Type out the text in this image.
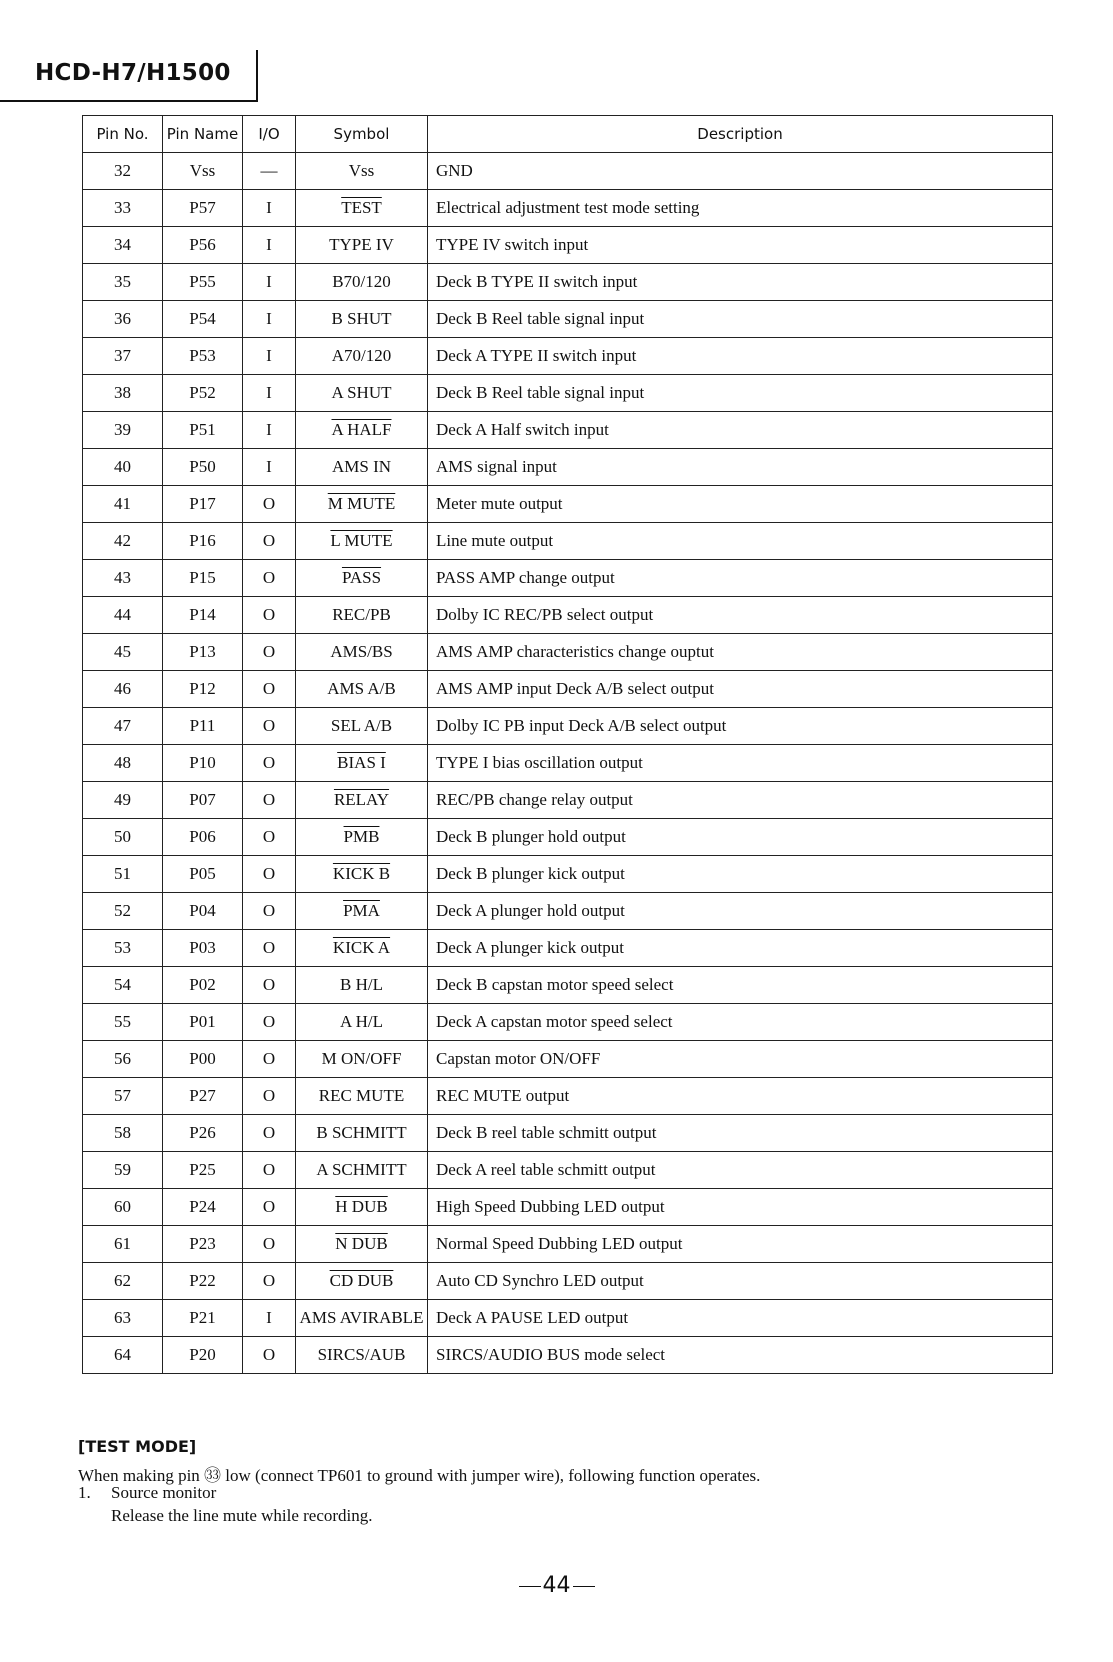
HCD-H7/H1500
Pin No.	Pin Name	I/O	Symbol	Description
32	Vss	—	Vss	GND
33	P57	I	TEST	Electrical adjustment test mode setting
34	P56	I	TYPE IV	TYPE IV switch input
35	P55	I	B70/120	Deck B TYPE II switch input
36	P54	I	B SHUT	Deck B Reel table signal input
37	P53	I	A70/120	Deck A TYPE II switch input
38	P52	I	A SHUT	Deck B Reel table signal input
39	P51	I	A HALF	Deck A Half switch input
40	P50	I	AMS IN	AMS signal input
41	P17	O	M MUTE	Meter mute output
42	P16	O	L MUTE	Line mute output
43	P15	O	PASS	PASS AMP change output
44	P14	O	REC/PB	Dolby IC REC/PB select output
45	P13	O	AMS/BS	AMS AMP characteristics change ouptut
46	P12	O	AMS A/B	AMS AMP input Deck A/B select output
47	P11	O	SEL A/B	Dolby IC PB input Deck A/B select output
48	P10	O	BIAS I	TYPE I bias oscillation output
49	P07	O	RELAY	REC/PB change relay output
50	P06	O	$\overline{PMB}$	Deck B plunger hold output
51	P05	O	KICK B	Deck B plunger kick output
52	P04	O	$\overline{PMA}$	Deck A plunger hold output
53	P03	O	KICK A	Deck A plunger kick output
54	P02	O	B H/L	Deck B capstan motor speed select
55	P01	O	A H/L	Deck A capstan motor speed select
56	P00	O	M ON/OFF	Capstan motor ON/OFF
57	P27	O	REC MUTE	REC MUTE output
58	P26	O	B SCHMITT	Deck B reel table schmitt output
59	P25	O	A SCHMITT	Deck A reel table schmitt output
60	P24	O	H DUB	High Speed Dubbing LED output
61	P23	O	N DUB	Normal Speed Dubbing LED output
62	P22	O	CD DUB	Auto CD Synchro LED output
63	P21	I	AMS AVIRABLE	Deck A PAUSE LED output
64	P20	O	SIRCS/AUB	SIRCS/AUDIO BUS mode select
[TEST MODE]
When making pin ㉝ low (connect TP601 to ground with jumper wire), following function operates.
1. Source monitor
Release the line mute while recording.
44
